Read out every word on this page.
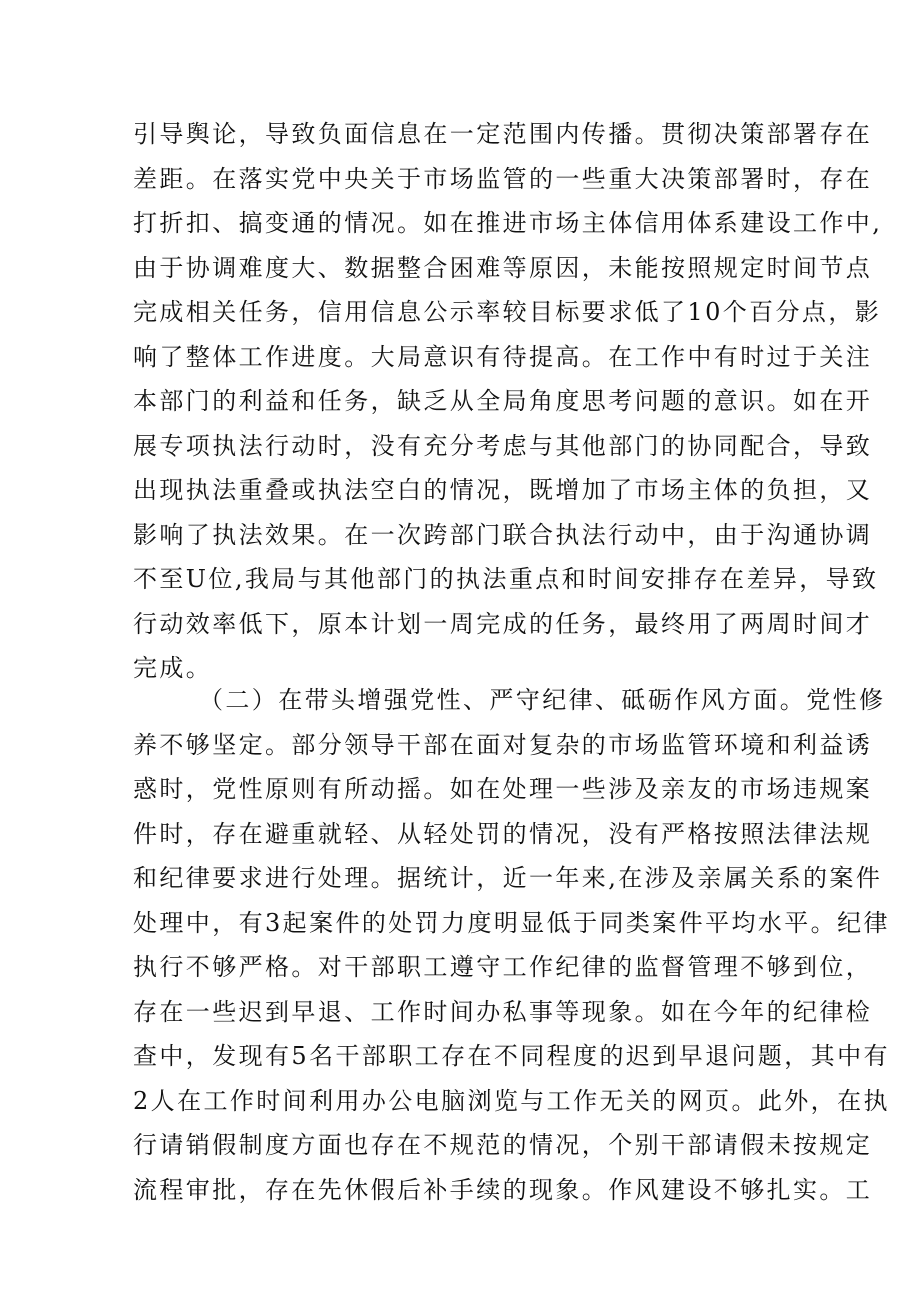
引导舆论，导致负面信息在一定范围内传播。贯彻决策部署存在
差距。在落实党中央关于市场监管的一些重大决策部署时，存在
打折扣、搞变通的情况。如在推进市场主体信用体系建设工作中,
由于协调难度大、数据整合困难等原因，未能按照规定时间节点
完成相关任务，信用信息公示率较目标要求低了10个百分点，影
响了整体工作进度。大局意识有待提高。在工作中有时过于关注
本部门的利益和任务，缺乏从全局角度思考问题的意识。如在开
展专项执法行动时，没有充分考虑与其他部门的协同配合，导致
出现执法重叠或执法空白的情况，既增加了市场主体的负担，又
影响了执法效果。在一次跨部门联合执法行动中，由于沟通协调
不至U位,我局与其他部门的执法重点和时间安排存在差异，导致
行动效率低下，原本计划一周完成的任务，最终用了两周时间才
完成。
（二）在带头增强党性、严守纪律、砥砺作风方面。党性修
养不够坚定。部分领导干部在面对复杂的市场监管环境和利益诱
惑时，党性原则有所动摇。如在处理一些涉及亲友的市场违规案
件时，存在避重就轻、从轻处罚的情况，没有严格按照法律法规
和纪律要求进行处理。据统计，近一年来,在涉及亲属关系的案件
处理中，有3起案件的处罚力度明显低于同类案件平均水平。纪律
执行不够严格。对干部职工遵守工作纪律的监督管理不够到位，
存在一些迟到早退、工作时间办私事等现象。如在今年的纪律检
查中，发现有5名干部职工存在不同程度的迟到早退问题，其中有
2人在工作时间利用办公电脑浏览与工作无关的网页。此外，在执
行请销假制度方面也存在不规范的情况，个别干部请假未按规定
流程审批，存在先休假后补手续的现象。作风建设不够扎实。工
